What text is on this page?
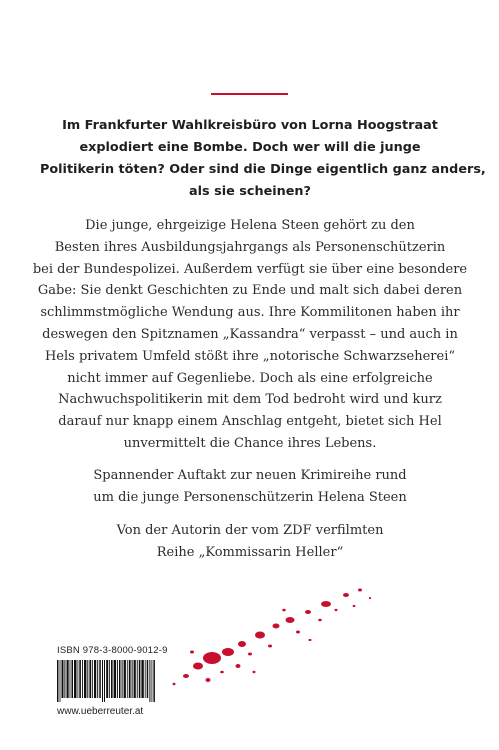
Im Frankfurter Wahlkreisbüro von Lorna Hoogstraat
explodiert eine Bombe. Doch wer will die junge
Politikerin töten? Oder sind die Dinge eigentlich ganz anders,
als sie scheinen?
Die junge, ehrgeizige Helena Steen gehört zu den
Besten ihres Ausbildungsjahrgangs als Personenschützerin
bei der Bundespolizei. Außerdem verfügt sie über eine besondere
Gabe: Sie denkt Geschichten zu Ende und malt sich dabei deren
schlimmstmögliche Wendung aus. Ihre Kommilitonen haben ihr
deswegen den Spitznamen „Kassandra“ verpasst – und auch in
Hels privatem Umfeld stößt ihre „notorische Schwarzseherei“
nicht immer auf Gegenliebe. Doch als eine erfolgreiche
Nachwuchspolitikerin mit dem Tod bedroht wird und kurz
darauf nur knapp einem Anschlag entgeht, bietet sich Hel
unvermittelt die Chance ihres Lebens.
Spannender Auftakt zur neuen Krimireihe rund
um die junge Personenschützerin Helena Steen
Von der Autorin der vom ZDF verfilmten
Reihe „Kommissarin Heller“
ISBN 978-3-8000-9012-9
www.ueberreuter.at
